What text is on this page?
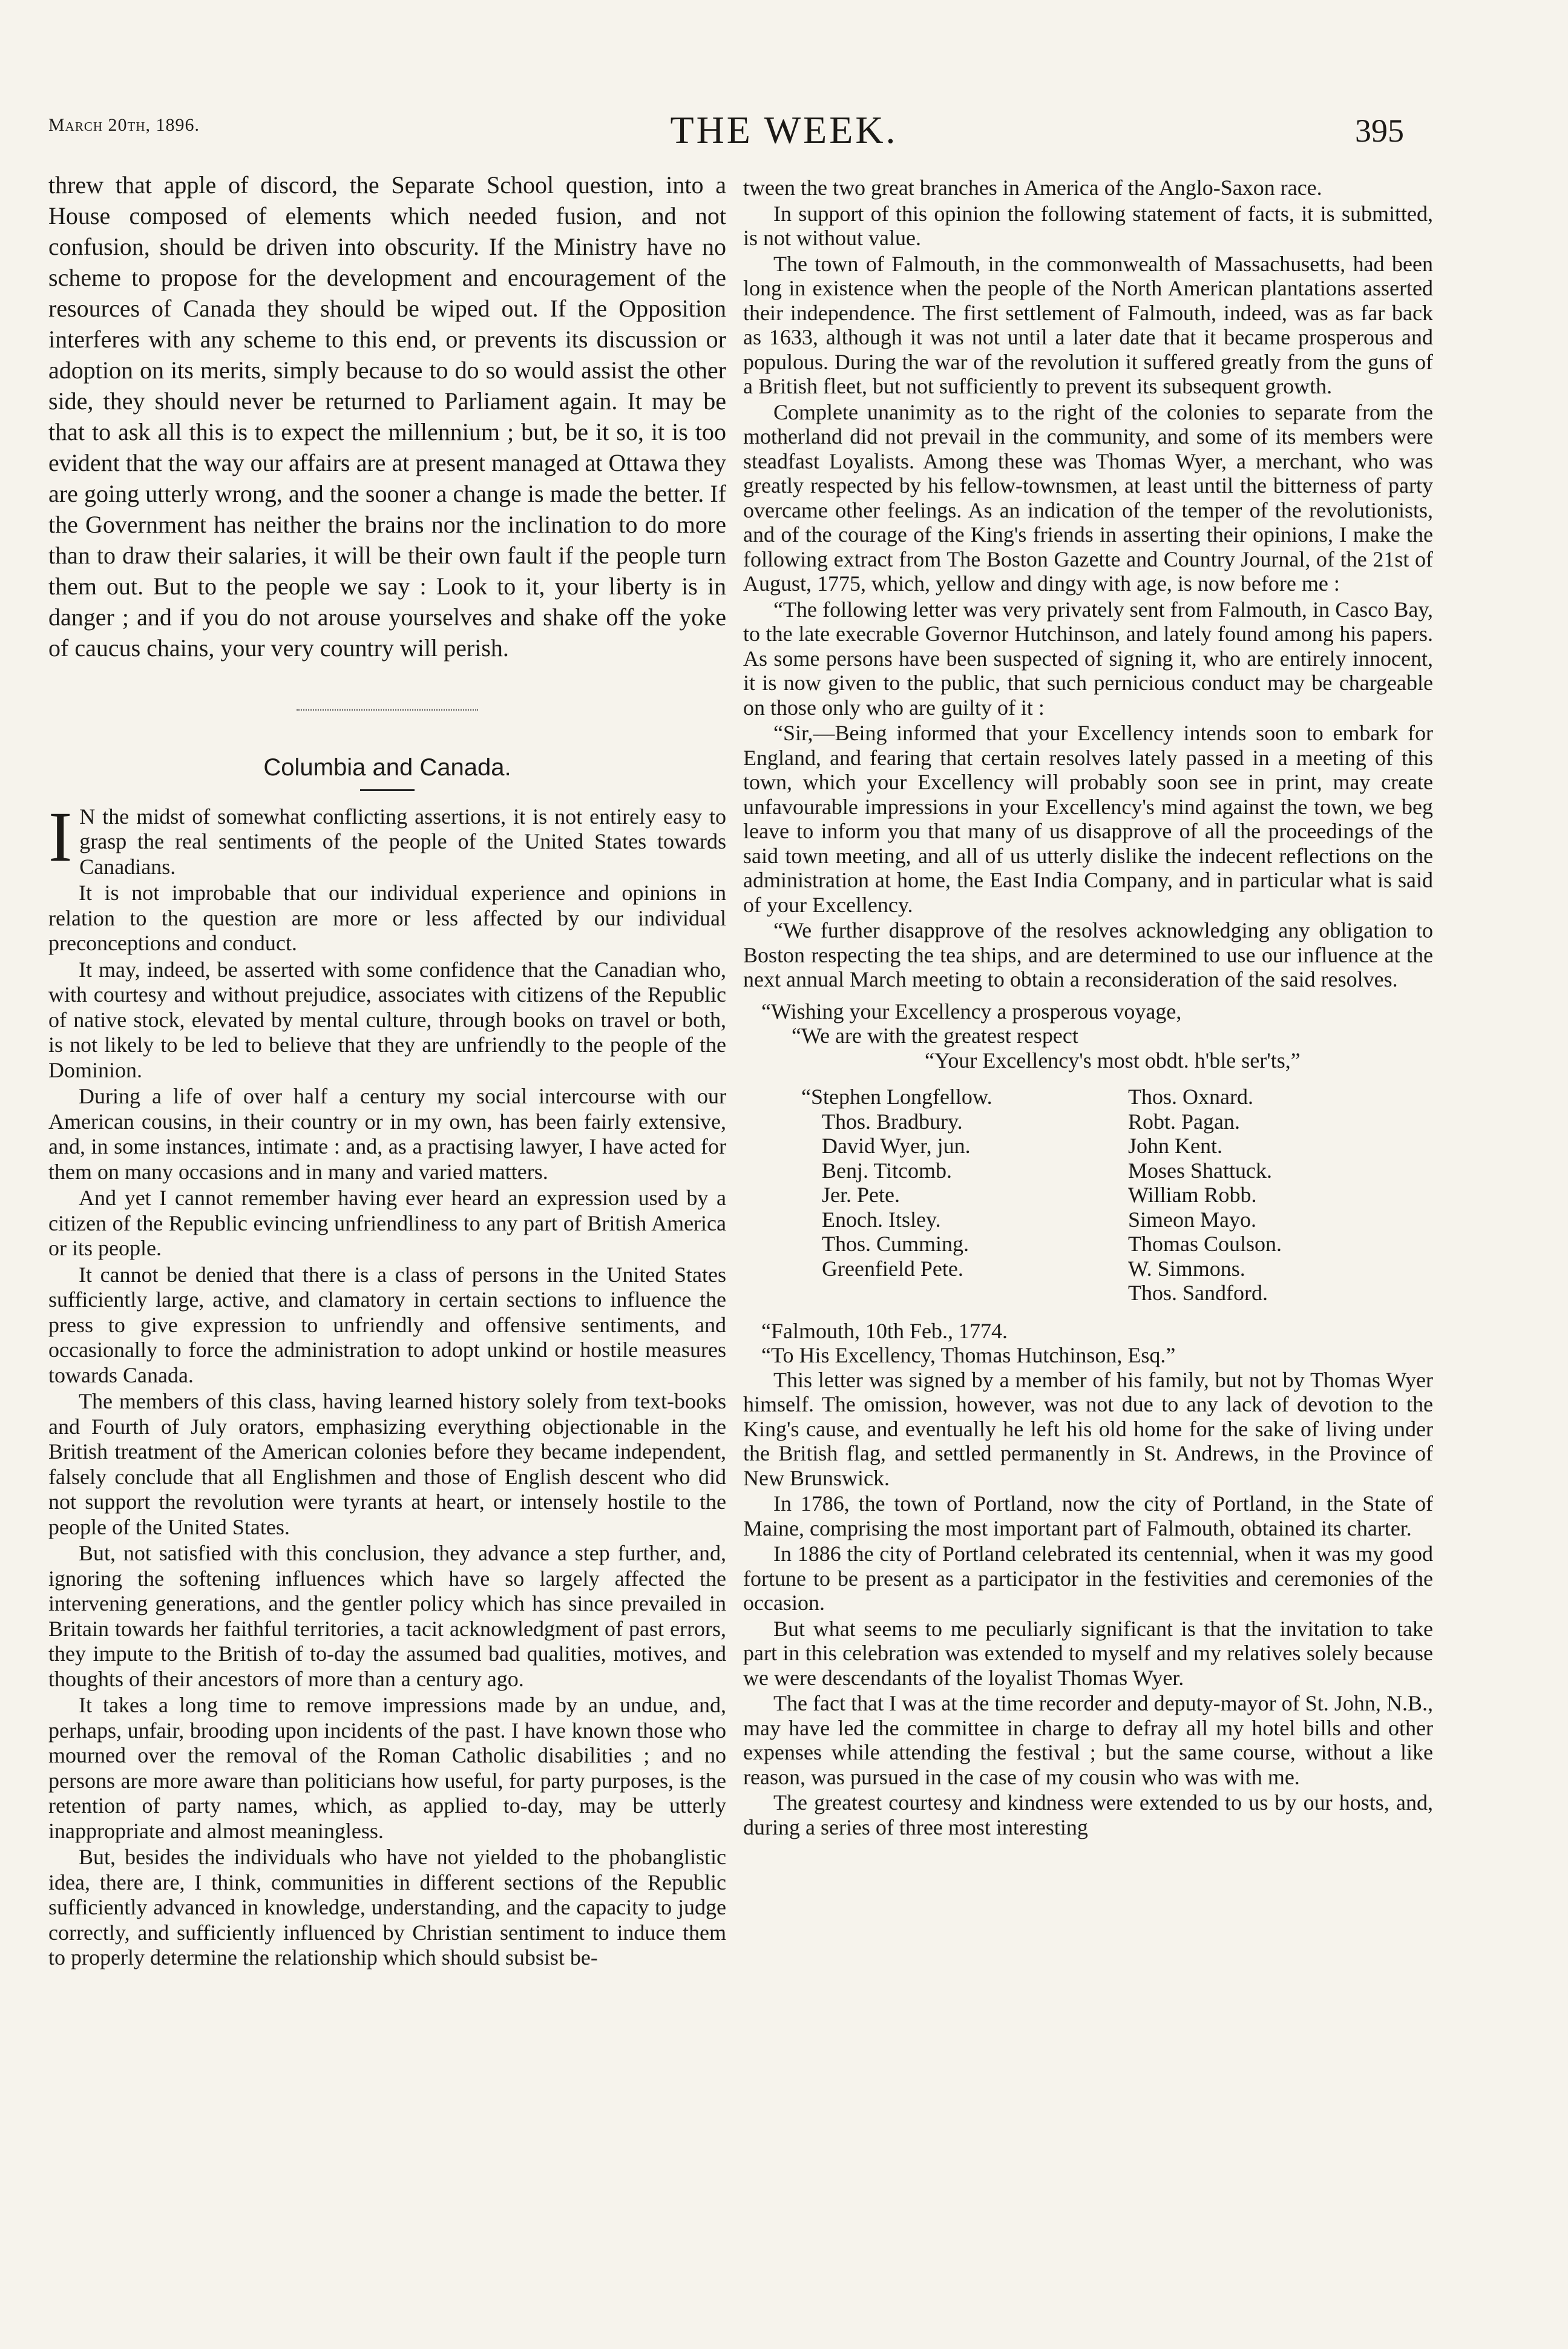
March 20th, 1896.	THE WEEK.	395

threw that apple of discord, the Separate School question, into a House composed of elements which needed fusion, and not confusion, should be driven into obscurity. If the Ministry have no scheme to propose for the development and encouragement of the resources of Canada they should be wiped out. If the Opposition interferes with any scheme to this end, or prevents its discussion or adoption on its merits, simply because to do so would assist the other side, they should never be returned to Parliament again. It may be that to ask all this is to expect the millennium ; but, be it so, it is too evident that the way our affairs are at present managed at Ottawa they are going utterly wrong, and the sooner a change is made the better. If the Government has neither the brains nor the inclination to do more than to draw their salaries, it will be their own fault if the people turn them out. But to the people we say : Look to it, your liberty is in danger ; and if you do not arouse yourselves and shake off the yoke of caucus chains, your very country will perish.

Columbia and Canada.

I N the midst of somewhat conflicting assertions, it is not entirely easy to grasp the real sentiments of the people of the United States towards Canadians.

It is not improbable that our individual experience and opinions in relation to the question are more or less affected by our individual preconceptions and conduct.

It may, indeed, be asserted with some confidence that the Canadian who, with courtesy and without prejudice, associates with citizens of the Republic of native stock, elevated by mental culture, through books on travel or both, is not likely to be led to believe that they are unfriendly to the people of the Dominion.

During a life of over half a century my social intercourse with our American cousins, in their country or in my own, has been fairly extensive, and, in some instances, intimate : and, as a practising lawyer, I have acted for them on many occasions and in many and varied matters.

And yet I cannot remember having ever heard an expression used by a citizen of the Republic evincing unfriendliness to any part of British America or its people.

It cannot be denied that there is a class of persons in the United States sufficiently large, active, and clamatory in certain sections to influence the press to give expression to unfriendly and offensive sentiments, and occasionally to force the administration to adopt unkind or hostile measures towards Canada.

The members of this class, having learned history solely from text-books and Fourth of July orators, emphasizing everything objectionable in the British treatment of the American colonies before they became independent, falsely conclude that all Englishmen and those of English descent who did not support the revolution were tyrants at heart, or intensely hostile to the people of the United States.

But, not satisfied with this conclusion, they advance a step further, and, ignoring the softening influences which have so largely affected the intervening generations, and the gentler policy which has since prevailed in Britain towards her faithful territories, a tacit acknowledgment of past errors, they impute to the British of to-day the assumed bad qualities, motives, and thoughts of their ancestors of more than a century ago.

It takes a long time to remove impressions made by an undue, and, perhaps, unfair, brooding upon incidents of the past. I have known those who mourned over the removal of the Roman Catholic disabilities ; and no persons are more aware than politicians how useful, for party purposes, is the retention of party names, which, as applied to-day, may be utterly inappropriate and almost meaningless.

But, besides the individuals who have not yielded to the phobanglistic idea, there are, I think, communities in different sections of the Republic sufficiently advanced in knowledge, understanding, and the capacity to judge correctly, and sufficiently influenced by Christian sentiment to induce them to properly determine the relationship which should subsist be-

tween the two great branches in America of the Anglo-Saxon race.

In support of this opinion the following statement of facts, it is submitted, is not without value.

The town of Falmouth, in the commonwealth of Massachusetts, had been long in existence when the people of the North American plantations asserted their independence. The first settlement of Falmouth, indeed, was as far back as 1633, although it was not until a later date that it became prosperous and populous. During the war of the revolution it suffered greatly from the guns of a British fleet, but not sufficiently to prevent its subsequent growth.

Complete unanimity as to the right of the colonies to separate from the motherland did not prevail in the community, and some of its members were steadfast Loyalists. Among these was Thomas Wyer, a merchant, who was greatly respected by his fellow-townsmen, at least until the bitterness of party overcame other feelings. As an indication of the temper of the revolutionists, and of the courage of the King's friends in asserting their opinions, I make the following extract from The Boston Gazette and Country Journal, of the 21st of August, 1775, which, yellow and dingy with age, is now before me :

“The following letter was very privately sent from Falmouth, in Casco Bay, to the late execrable Governor Hutchinson, and lately found among his papers. As some persons have been suspected of signing it, who are entirely innocent, it is now given to the public, that such pernicious conduct may be chargeable on those only who are guilty of it :

“Sir,—Being informed that your Excellency intends soon to embark for England, and fearing that certain resolves lately passed in a meeting of this town, which your Excellency will probably soon see in print, may create unfavourable impressions in your Excellency's mind against the town, we beg leave to inform you that many of us disapprove of all the proceedings of the said town meeting, and all of us utterly dislike the indecent reflections on the administration at home, the East India Company, and in particular what is said of your Excellency.

“We further disapprove of the resolves acknowledging any obligation to Boston respecting the tea ships, and are determined to use our influence at the next annual March meeting to obtain a reconsideration of the said resolves.

“Wishing your Excellency a prosperous voyage,
“We are with the greatest respect
“Your Excellency's most obdt. h'ble ser'ts,”
“Stephen Longfellow.
Thos. Bradbury.
David Wyer, jun.
Benj. Titcomb.
Jer. Pete.
Enoch. Itsley.
Thos. Cumming.
Greenfield Pete.
Thos. Oxnard.
Robt. Pagan.
John Kent.
Moses Shattuck.
William Robb.
Simeon Mayo.
Thomas Coulson.
W. Simmons.
Thos. Sandford.
“Falmouth, 10th Feb., 1774.
“To His Excellency, Thomas Hutchinson, Esq.”

This letter was signed by a member of his family, but not by Thomas Wyer himself. The omission, however, was not due to any lack of devotion to the King's cause, and eventually he left his old home for the sake of living under the British flag, and settled permanently in St. Andrews, in the Province of New Brunswick.

In 1786, the town of Portland, now the city of Portland, in the State of Maine, comprising the most important part of Falmouth, obtained its charter.

In 1886 the city of Portland celebrated its centennial, when it was my good fortune to be present as a participator in the festivities and ceremonies of the occasion.

But what seems to me peculiarly significant is that the invitation to take part in this celebration was extended to myself and my relatives solely because we were descendants of the loyalist Thomas Wyer.

The fact that I was at the time recorder and deputy-mayor of St. John, N.B., may have led the committee in charge to defray all my hotel bills and other expenses while attending the festival ; but the same course, without a like reason, was pursued in the case of my cousin who was with me.

The greatest courtesy and kindness were extended to us by our hosts, and, during a series of three most interesting
